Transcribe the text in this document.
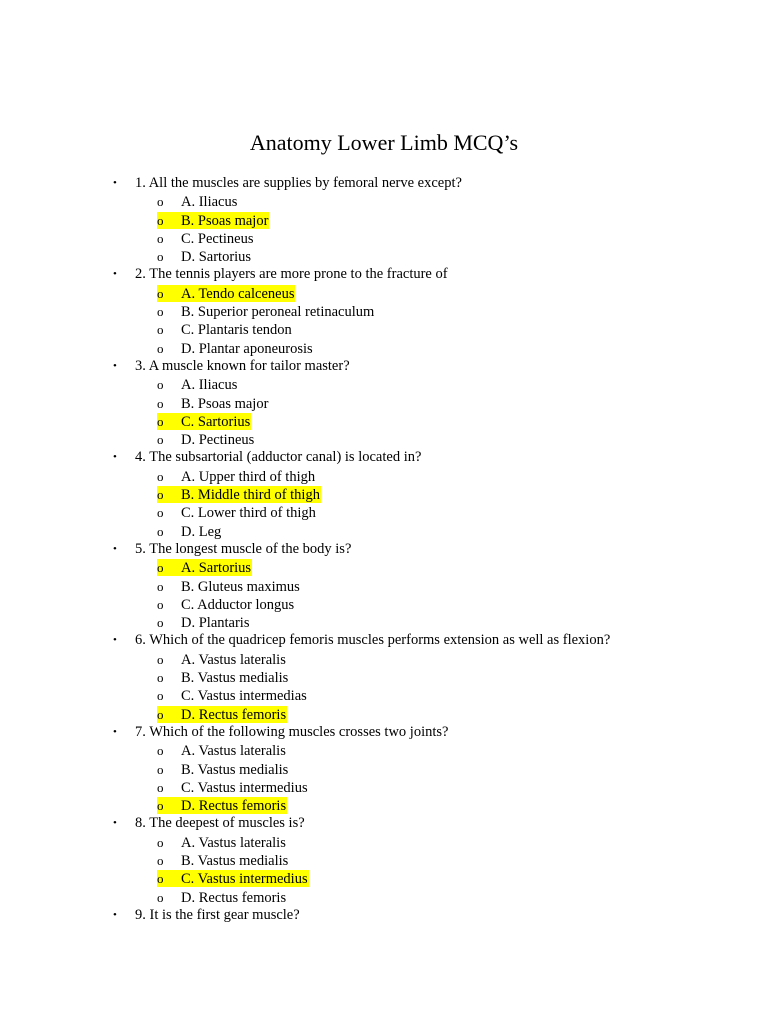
Anatomy Lower Limb MCQ’s
• 1. All the muscles are supplies by femoral nerve except?
o A. Iliacus
o B. Psoas major
o C. Pectineus
o D. Sartorius
• 2. The tennis players are more prone to the fracture of
o A. Tendo calceneus
o B. Superior peroneal retinaculum
o C. Plantaris tendon
o D. Plantar aponeurosis
• 3. A muscle known for tailor master?
o A. Iliacus
o B. Psoas major
o C. Sartorius
o D. Pectineus
• 4. The subsartorial (adductor canal) is located in?
o A. Upper third of thigh
o B. Middle third of thigh
o C. Lower third of thigh
o D. Leg
• 5. The longest muscle of the body is?
o A. Sartorius
o B. Gluteus maximus
o C. Adductor longus
o D. Plantaris
• 6. Which of the quadricep femoris muscles performs extension as well as flexion?
o A. Vastus lateralis
o B. Vastus medialis
o C. Vastus intermedias
o D. Rectus femoris
• 7. Which of the following muscles crosses two joints?
o A. Vastus lateralis
o B. Vastus medialis
o C. Vastus intermedius
o D. Rectus femoris
• 8. The deepest of muscles is?
o A. Vastus lateralis
o B. Vastus medialis
o C. Vastus intermedius
o D. Rectus femoris
• 9. It is the first gear muscle?
